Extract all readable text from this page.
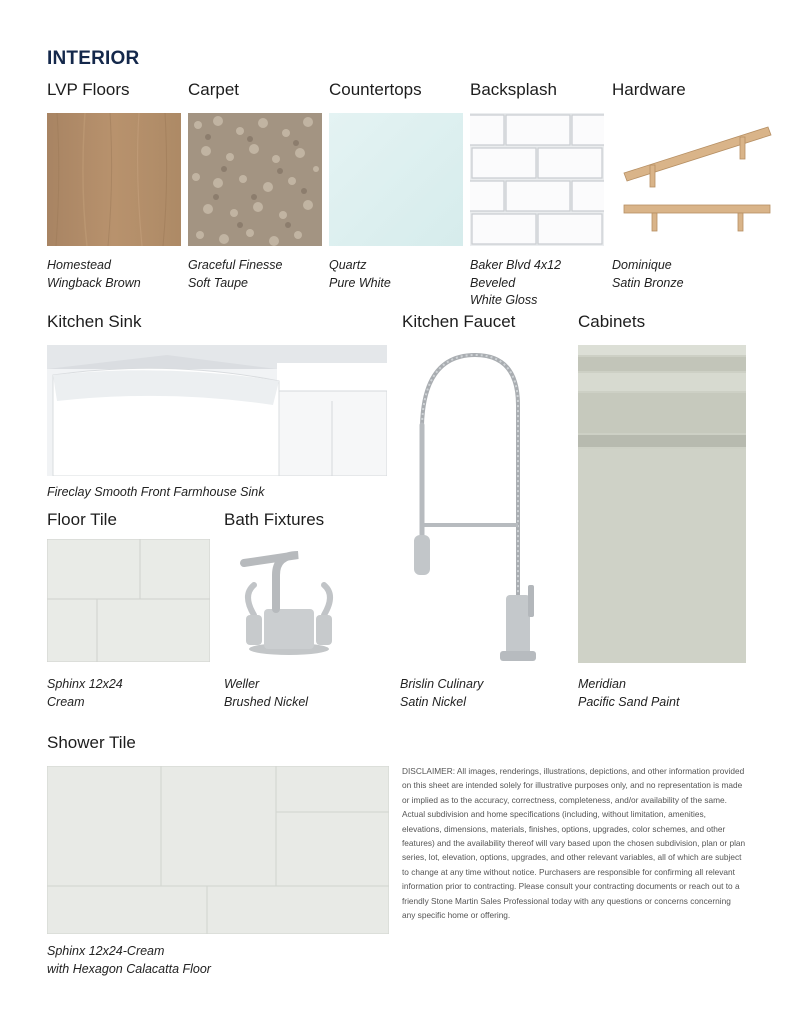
INTERIOR
LVP Floors	Carpet	Countertops	Backsplash	Hardware
Homestead
Wingback Brown
Graceful Finesse
Soft Taupe
Quartz
Pure White
Baker Blvd 4x12
Beveled
White Gloss
Dominique
Satin Bronze
Kitchen Sink	Kitchen Faucet	Cabinets
Fireclay Smooth Front Farmhouse Sink
Brislin Culinary
Satin Nickel
Meridian
Pacific Sand Paint
Floor Tile	Bath Fixtures
Sphinx 12x24
Cream
Weller
Brushed Nickel
Shower Tile
Sphinx 12x24-Cream
with Hexagon Calacatta Floor
DISCLAIMER: All images, renderings, illustrations, depictions, and other information provided on this sheet are intended solely for illustrative purposes only, and no representation is made or implied as to the accuracy, correctness, completeness, and/or availability of the same. Actual subdivision and home specifications (including, without limitation, amenities, elevations, dimensions, materials, finishes, options, upgrades, color schemes, and other features) and the availability thereof will vary based upon the chosen subdivision, plan or plan series, lot, elevation, options, upgrades, and other relevant variables, all of which are subject to change at any time without notice. Purchasers are responsible for confirming all relevant information prior to contracting. Please consult your contracting documents or reach out to a friendly Stone Martin Sales Professional today with any questions or concerns concerning any specific home or offering.
